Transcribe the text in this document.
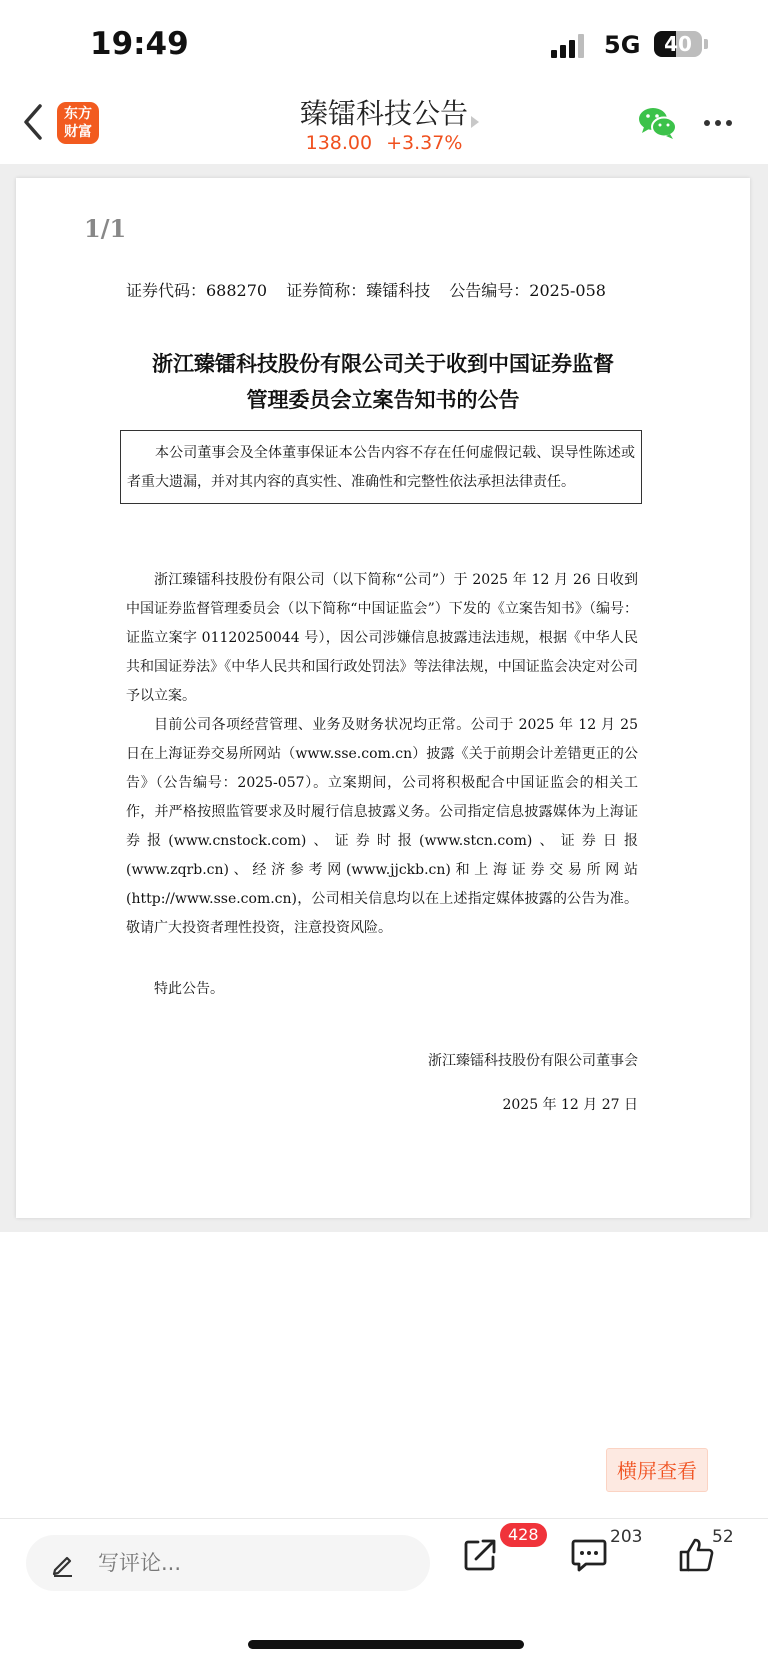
19:49	5G	40
东方
财富
臻镭科技公告
138.00 +3.37%
1/1
证券代码：688270 证券简称：臻镭科技 公告编号：2025-058
浙江臻镭科技股份有限公司关于收到中国证券监督
管理委员会立案告知书的公告
本公司董事会及全体董事保证本公告内容不存在任何虚假记载、误导性陈述或者重大遗漏，并对其内容的真实性、准确性和完整性依法承担法律责任。

浙江臻镭科技股份有限公司（以下简称“公司”）于 2025 年 12 月 26 日收到中国证券监督管理委员会（以下简称“中国证监会”）下发的《立案告知书》（编号：证监立案字 01120250044 号），因公司涉嫌信息披露违法违规，根据《中华人民共和国证券法》《中华人民共和国行政处罚法》等法律法规，中国证监会决定对公司予以立案。

目前公司各项经营管理、业务及财务状况均正常。公司于 2025 年 12 月 25 日在上海证券交易所网站（www.sse.com.cn）披露《关于前期会计差错更正的公告》（公告编号：2025-057）。立案期间，公司将积极配合中国证监会的相关工作，并严格按照监管要求及时履行信息披露义务。公司指定信息披露媒体为上海证券报(www.cnstock.com)、证券时报(www.stcn.com)、证券日报(www.zqrb.cn)、经济参考网(www.jjckb.cn)和上海证券交易所网站(http://www.sse.com.cn)，公司相关信息均以在上述指定媒体披露的公告为准。敬请广大投资者理性投资，注意投资风险。

特此公告。
浙江臻镭科技股份有限公司董事会
2025 年 12 月 27 日
横屏查看
写评论...
428	203	52
